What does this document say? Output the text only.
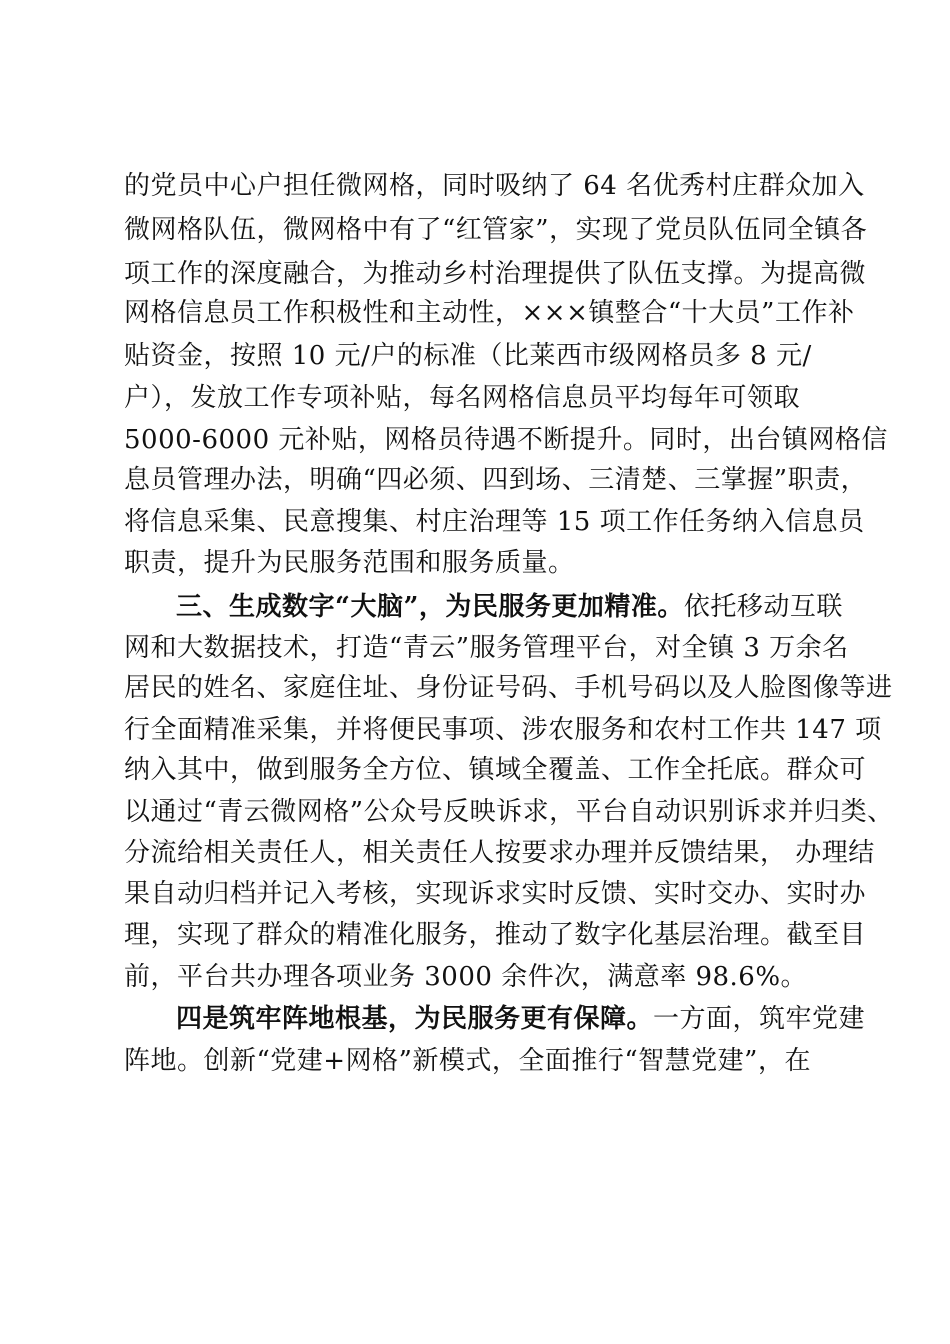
的党员中心户担任微网格，同时吸纳了 64 名优秀村庄群众加入
微网格队伍，微网格中有了“红管家”，实现了党员队伍同全镇各
项工作的深度融合，为推动乡村治理提供了队伍支撑。为提高微
网格信息员工作积极性和主动性，×××镇整合“十大员”工作补
贴资金，按照 10 元/户的标准（比莱西市级网格员多 8 元/
户），发放工作专项补贴，每名网格信息员平均每年可领取
5000-6000 元补贴，网格员待遇不断提升。同时，出台镇网格信
息员管理办法，明确“四必须、四到场、三清楚、三掌握”职责，
将信息采集、民意搜集、村庄治理等 15 项工作任务纳入信息员
职责，提升为民服务范围和服务质量。
三、生成数字“大脑”，为民服务更加精准。依托移动互联
网和大数据技术，打造“青云”服务管理平台，对全镇 3 万余名
居民的姓名、家庭住址、身份证号码、手机号码以及人脸图像等进
行全面精准采集，并将便民事项、涉农服务和农村工作共 147 项
纳入其中，做到服务全方位、镇域全覆盖、工作全托底。群众可
以通过“青云微网格”公众号反映诉求，平台自动识别诉求并归类、
分流给相关责任人，相关责任人按要求办理并反馈结果， 办理结
果自动归档并记入考核，实现诉求实时反馈、实时交办、实时办
理，实现了群众的精准化服务，推动了数字化基层治理。截至目
前，平台共办理各项业务 3000 余件次，满意率 98.6%。
四是筑牢阵地根基，为民服务更有保障。一方面，筑牢党建
阵地。创新“党建+网格”新模式，全面推行“智慧党建”，在
